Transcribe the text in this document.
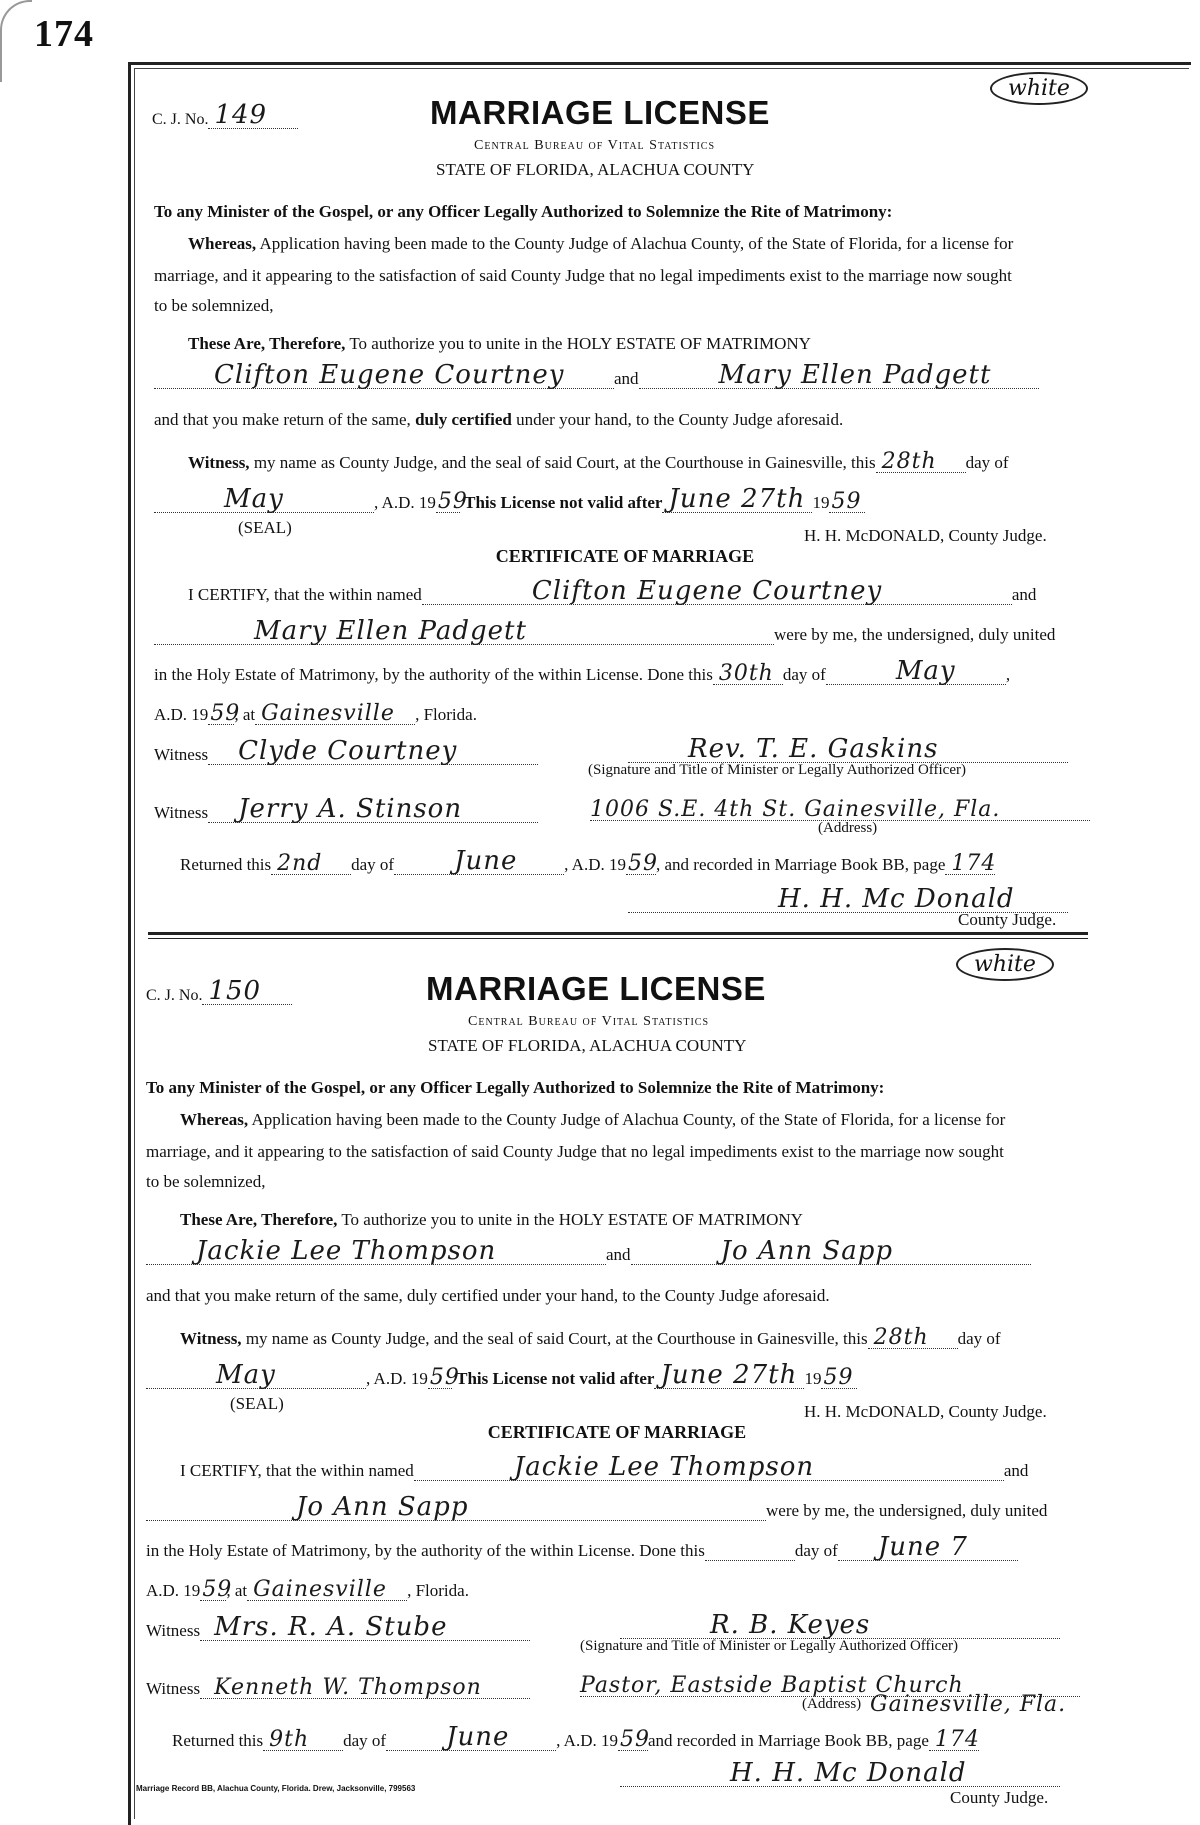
174
C. J. No. 149	MARRIAGE LICENSE
white
Central Bureau of Vital Statistics
STATE OF FLORIDA, ALACHUA COUNTY
To any Minister of the Gospel, or any Officer Legally Authorized to Solemnize the Rite of Matrimony:
Whereas, Application having been made to the County Judge of Alachua County, of the State of Florida, for a license for
marriage, and it appearing to the satisfaction of said County Judge that no legal impediments exist to the marriage now sought
to be solemnized,
These Are, Therefore, To authorize you to unite in the HOLY ESTATE OF MATRIMONY
Clifton Eugene Courtney	and	Mary Ellen Padgett
and that you make return of the same, duly certified under your hand, to the County Judge aforesaid.
Witness, my name as County Judge, and the seal of said Court, at the Courthouse in Gainesville, this 28th day of
May	, A.D. 19 59
This License not valid after June 27th 19 59
(SEAL)	H. H. McDONALD, County Judge.
CERTIFICATE OF MARRIAGE
I CERTIFY, that the within named	Clifton Eugene Courtney	and
Mary Ellen Padgett	were by me, the undersigned, duly united
in the Holy Estate of Matrimony, by the authority of the within License. Done this 30th day of	May	,
A.D. 19 59
, at Gainesville , Florida.
Witness Clyde Courtney	Rev. T. E. Gaskins
(Signature and Title of Minister or Legally Authorized Officer)
Witness Jerry A. Stinson	1006 S.E. 4th St. Gainesville, Fla.
(Address)
Returned this 2nd day of June	, A.D. 19 59
, and recorded in Marriage Book BB, page 174
H. H. Mc Donald
County Judge.
C. J. No. 150	MARRIAGE LICENSE
white
Central Bureau of Vital Statistics
STATE OF FLORIDA, ALACHUA COUNTY
To any Minister of the Gospel, or any Officer Legally Authorized to Solemnize the Rite of Matrimony:
Whereas, Application having been made to the County Judge of Alachua County, of the State of Florida, for a license for
marriage, and it appearing to the satisfaction of said County Judge that no legal impediments exist to the marriage now sought
to be solemnized,
These Are, Therefore, To authorize you to unite in the HOLY ESTATE OF MATRIMONY
Jackie Lee Thompson	and	Jo Ann Sapp
and that you make return of the same, duly certified under your hand, to the County Judge aforesaid.
Witness, my name as County Judge, and the seal of said Court, at the Courthouse in Gainesville, this 28th day of
May	, A.D. 19 59
This License not valid after June 27th 19 59
(SEAL)	H. H. McDONALD, County Judge.
CERTIFICATE OF MARRIAGE
I CERTIFY, that the within named	Jackie Lee Thompson	and
Jo Ann Sapp	were by me, the undersigned, duly united
in the Holy Estate of Matrimony, by the authority of the within License. Done this	day of June 7
A.D. 19 59
, at Gainesville , Florida.
Witness Mrs. R. A. Stube	R. B. Keyes
(Signature and Title of Minister or Legally Authorized Officer)
Witness Kenneth W. Thompson	Pastor, Eastside Baptist Church
(Address) Gainesville, Fla.
Returned this 9th day of June	, A.D. 19 59
and recorded in Marriage Book BB, page 174
H. H. Mc Donald
County Judge.
Marriage Record BB, Alachua County, Florida. Drew, Jacksonville, 799563
